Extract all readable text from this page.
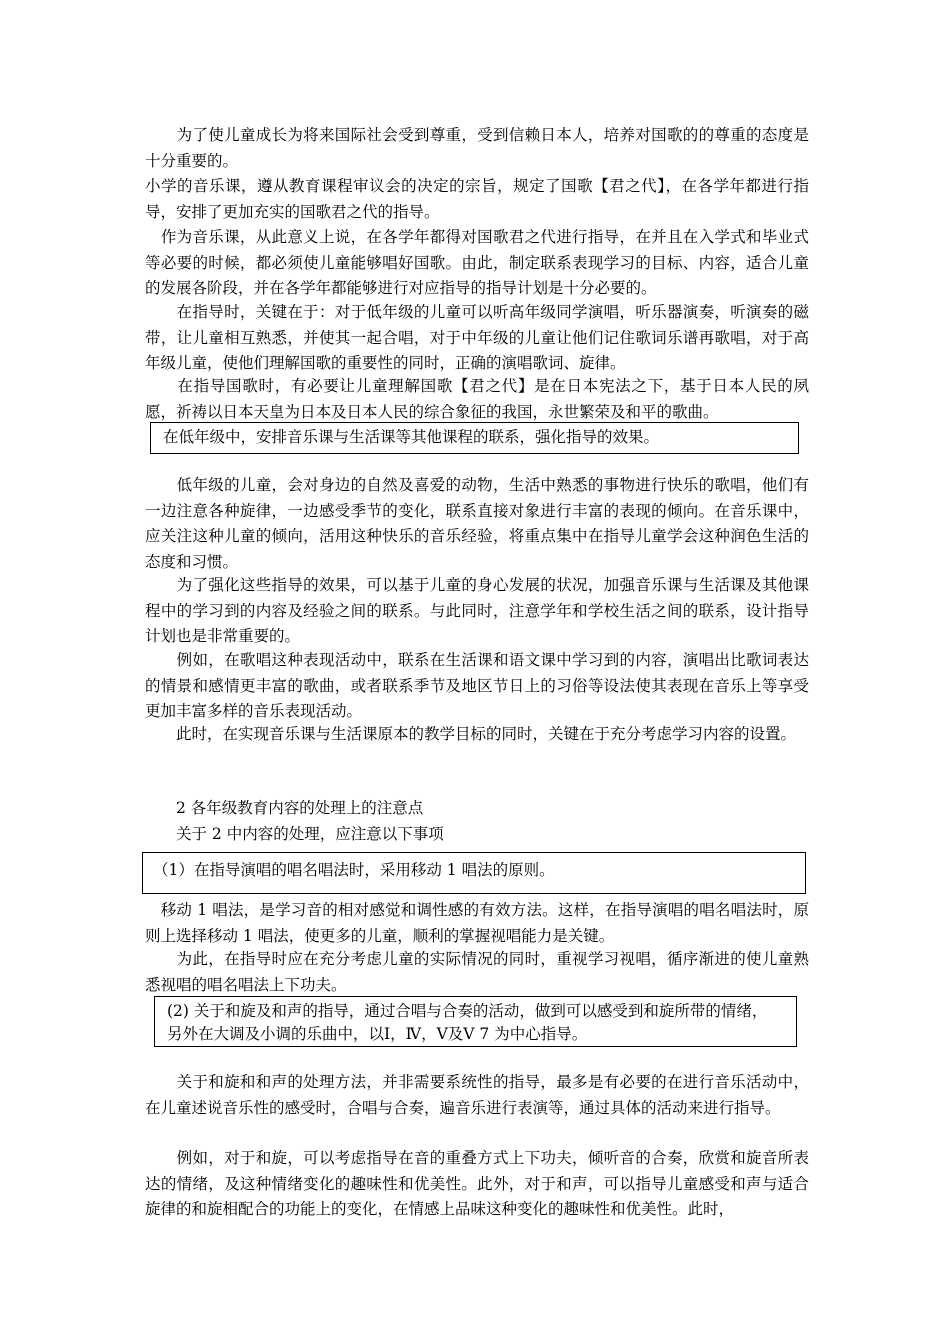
　　为了使儿童成长为将来国际社会受到尊重，受到信赖日本人，培养对国歌的的尊重的态度是十分重要的。

小学的音乐课，遵从教育课程审议会的决定的宗旨，规定了国歌【君之代】，在各学年都进行指导，安排了更加充实的国歌君之代的指导。

　作为音乐课，从此意义上说，在各学年都得对国歌君之代进行指导，在并且在入学式和毕业式等必要的时候，都必须使儿童能够唱好国歌。由此，制定联系表现学习的目标、内容，适合儿童的发展各阶段，并在各学年都能够进行对应指导的指导计划是十分必要的。

　　在指导时，关键在于：对于低年级的儿童可以听高年级同学演唱，听乐器演奏，听演奏的磁带，让儿童相互熟悉，并使其一起合唱，对于中年级的儿童让他们记住歌词乐谱再歌唱，对于高年级儿童，使他们理解国歌的重要性的同时，正确的演唱歌词、旋律。

　　在指导国歌时，有必要让儿童理解国歌【君之代】是在日本宪法之下，基于日本人民的夙愿，祈祷以日本天皇为日本及日本人民的综合象征的我国，永世繁荣及和平的歌曲。

在低年级中，安排音乐课与生活课等其他课程的联系，强化指导的效果。

　　低年级的儿童，会对身边的自然及喜爱的动物，生活中熟悉的事物进行快乐的歌唱，他们有一边注意各种旋律，一边感受季节的变化，联系直接对象进行丰富的表现的倾向。在音乐课中，应关注这种儿童的倾向，活用这种快乐的音乐经验，将重点集中在指导儿童学会这种润色生活的态度和习惯。

　　为了强化这些指导的效果，可以基于儿童的身心发展的状况，加强音乐课与生活课及其他课程中的学习到的内容及经验之间的联系。与此同时，注意学年和学校生活之间的联系，设计指导计划也是非常重要的。

　　例如，在歌唱这种表现活动中，联系在生活课和语文课中学习到的内容，演唱出比歌词表达的情景和感情更丰富的歌曲，或者联系季节及地区节日上的习俗等设法使其表现在音乐上等享受更加丰富多样的音乐表现活动。

　　此时，在实现音乐课与生活课原本的教学目标的同时，关键在于充分考虑学习内容的设置。

　　2 各年级教育内容的处理上的注意点

　　关于 2 中内容的处理，应注意以下事项

（1）在指导演唱的唱名唱法时，采用移动 1 唱法的原则。

　移动 1 唱法，是学习音的相对感觉和调性感的有效方法。这样，在指导演唱的唱名唱法时，原则上选择移动 1 唱法，使更多的儿童，顺利的掌握视唱能力是关键。

　　为此，在指导时应在充分考虑儿童的实际情况的同时，重视学习视唱，循序渐进的使儿童熟悉视唱的唱名唱法上下功夫。

(2) 关于和旋及和声的指导，通过合唱与合奏的活动，做到可以感受到和旋所带的情绪，
另外在大调及小调的乐曲中，以Ⅰ，Ⅳ，Ⅴ及Ⅴ 7 为中心指导。

　　关于和旋和和声的处理方法，并非需要系统性的指导，最多是有必要的在进行音乐活动中，在儿童述说音乐性的感受时，合唱与合奏，遍音乐进行表演等，通过具体的活动来进行指导。

　　例如，对于和旋，可以考虑指导在音的重叠方式上下功夫，倾听音的合奏，欣赏和旋音所表达的情绪，及这种情绪变化的趣味性和优美性。此外，对于和声，可以指导儿童感受和声与适合旋律的和旋相配合的功能上的变化，在情感上品味这种变化的趣味性和优美性。此时，
